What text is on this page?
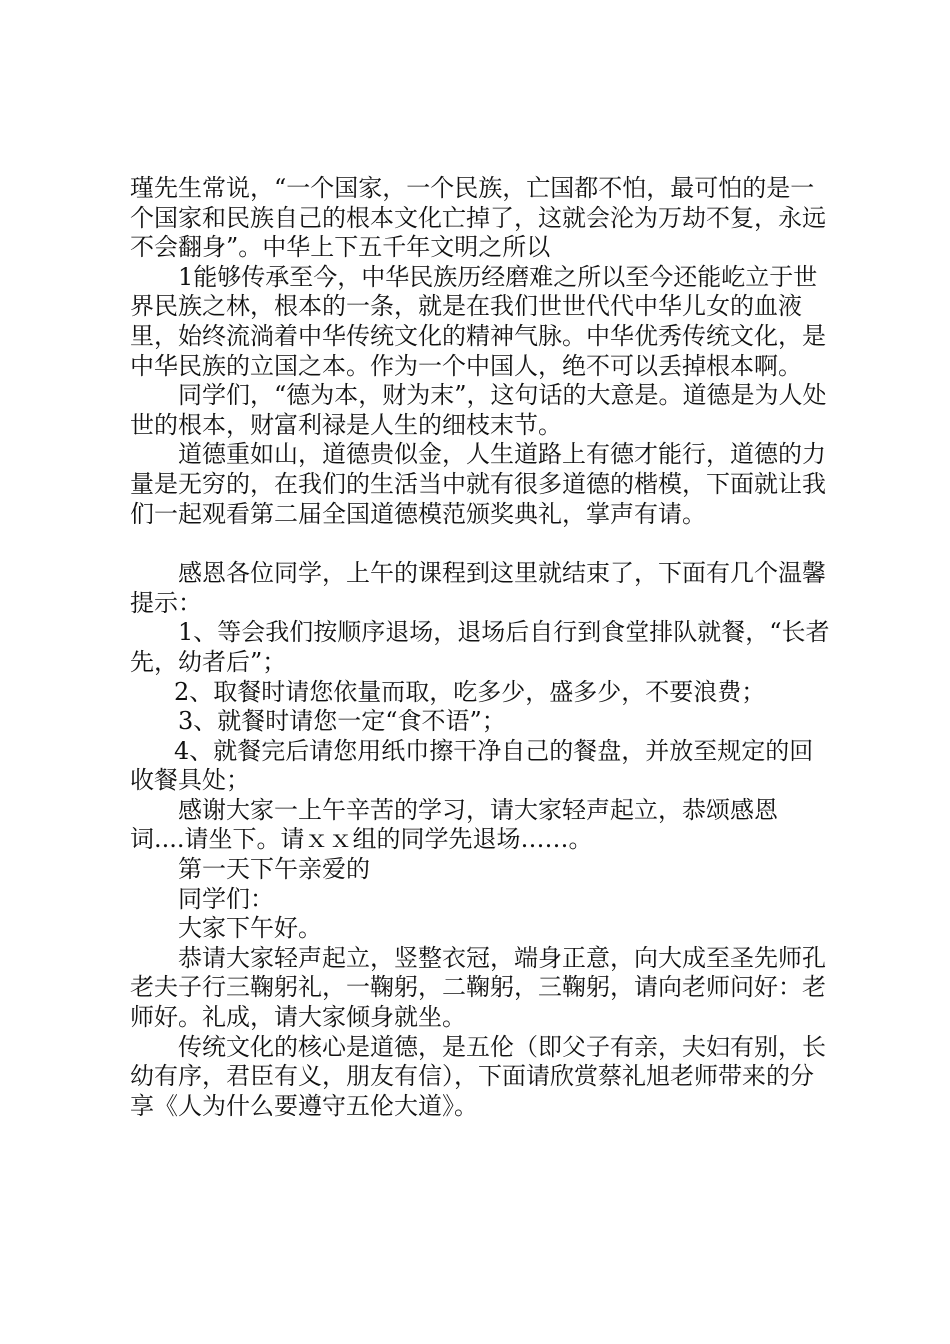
瑾先生常说，“一个国家，一个民族，亡国都不怕，最可怕的是一个国家和民族自己的根本文化亡掉了，这就会沦为万劫不复，永远不会翻身”。中华上下五千年文明之所以

1能够传承至今，中华民族历经磨难之所以至今还能屹立于世界民族之林，根本的一条，就是在我们世世代代中华儿女的血液里，始终流淌着中华传统文化的精神气脉。中华优秀传统文化，是中华民族的立国之本。作为一个中国人，绝不可以丢掉根本啊。

同学们，“德为本，财为末”，这句话的大意是。道德是为人处世的根本，财富利禄是人生的细枝末节。

道德重如山，道德贵似金，人生道路上有德才能行，道德的力量是无穷的，在我们的生活当中就有很多道德的楷模，下面就让我们一起观看第二届全国道德模范颁奖典礼，掌声有请。

感恩各位同学，上午的课程到这里就结束了，下面有几个温馨提示：

1、等会我们按顺序退场，退场后自行到食堂排队就餐，“长者先，幼者后”；

2、取餐时请您依量而取，吃多少，盛多少，不要浪费；

3、就餐时请您一定“食不语”；

4、就餐完后请您用纸巾擦干净自己的餐盘，并放至规定的回收餐具处；

感谢大家一上午辛苦的学习，请大家轻声起立，恭颂感恩词....请坐下。请ｘｘ组的同学先退场……。

第一天下午亲爱的

同学们：

大家下午好。

恭请大家轻声起立，竖整衣冠，端身正意，向大成至圣先师孔老夫子行三鞠躬礼，一鞠躬，二鞠躬，三鞠躬，请向老师问好：老师好。礼成，请大家倾身就坐。

传统文化的核心是道德，是五伦（即父子有亲，夫妇有别，长幼有序，君臣有义，朋友有信），下面请欣赏蔡礼旭老师带来的分享《人为什么要遵守五伦大道》。
